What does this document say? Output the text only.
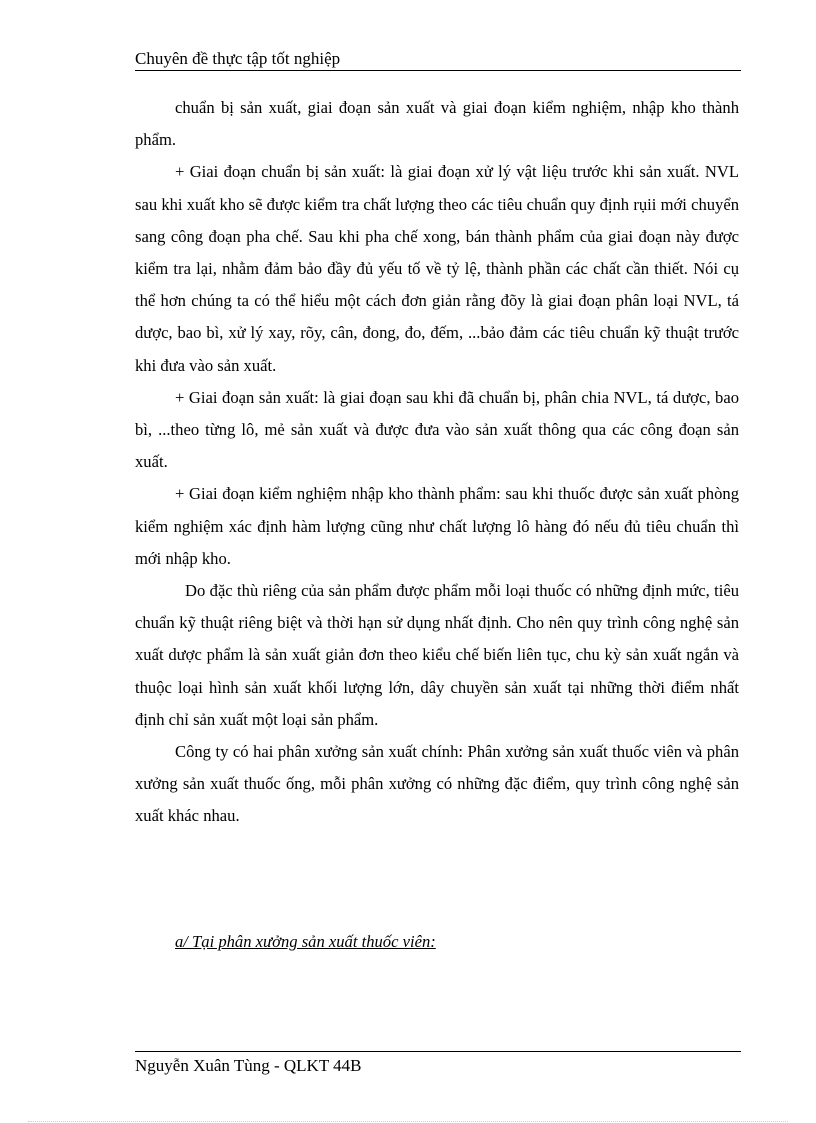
Chuyên đề thực tập tốt nghiệp

chuẩn bị sản xuất, giai đoạn sản xuất và giai đoạn kiểm nghiệm, nhập kho thành phẩm.

+ Giai đoạn chuẩn bị sản xuất: là giai đoạn xử lý vật liệu trước khi sản xuất. NVL sau khi xuất kho sẽ được kiểm tra chất lượng theo các tiêu chuẩn quy định rụii mới chuyển sang công đoạn pha chế. Sau khi pha chế xong, bán thành phẩm của giai đoạn này được kiểm tra lại, nhằm đảm bảo đầy đủ yếu tố về tỷ lệ, thành phần các chất cần thiết. Nói cụ thể hơn chúng ta có thể hiểu một cách đơn giản rằng đõy là giai đoạn phân loại NVL, tá dược, bao bì, xử lý xay, rõy, cân, đong, đo, đếm, ...bảo đảm các tiêu chuẩn kỹ thuật trước khi đưa vào sản xuất.

+ Giai đoạn sản xuất: là giai đoạn sau khi đã chuẩn bị, phân chia NVL, tá dược, bao bì, ...theo từng lô, mẻ sản xuất và được đưa vào sản xuất thông qua các công đoạn sản xuất.

+ Giai đoạn kiểm nghiệm nhập kho thành phẩm: sau khi thuốc được sản xuất phòng kiểm nghiệm xác định hàm lượng cũng như chất lượng lô hàng đó nếu đủ tiêu chuẩn thì mới nhập kho.

Do đặc thù riêng của sản phẩm được phẩm mỗi loại thuốc có những định mức, tiêu chuẩn kỹ thuật riêng biệt và thời hạn sử dụng nhất định. Cho nên quy trình công nghệ sản xuất dược phẩm là sản xuất giản đơn theo kiểu chế biến liên tục, chu kỳ sản xuất ngắn và thuộc loại hình sản xuất khối lượng lớn, dây chuyền sản xuất tại những thời điểm nhất định chỉ sản xuất một loại sản phẩm.

Công ty có hai phân xưởng sản xuất chính: Phân xưởng sản xuất thuốc viên và phân xưởng sản xuất thuốc ống, mỗi phân xưởng có những đặc điểm, quy trình công nghệ sản xuất khác nhau.

a/ Tại phân xưởng sản xuất thuốc viên:
Nguyễn Xuân Tùng - QLKT 44B
